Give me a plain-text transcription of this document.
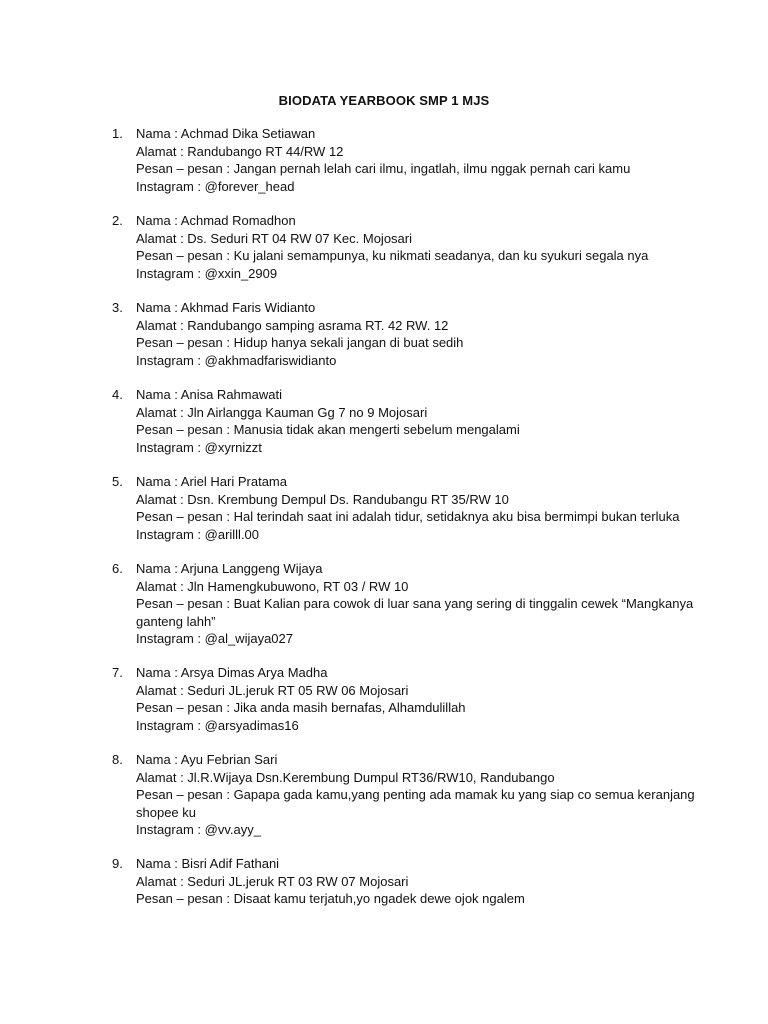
BIODATA YEARBOOK SMP 1 MJS
1. Nama : Achmad Dika Setiawan
Alamat : Randubango RT 44/RW 12
Pesan – pesan : Jangan pernah lelah cari ilmu, ingatlah, ilmu nggak pernah cari kamu
Instagram : @forever_head
2. Nama : Achmad Romadhon
Alamat : Ds. Seduri RT 04 RW 07 Kec. Mojosari
Pesan – pesan : Ku jalani semampunya, ku nikmati seadanya, dan ku syukuri segala nya
Instagram : @xxin_2909
3. Nama : Akhmad Faris Widianto
Alamat : Randubango samping asrama RT. 42 RW. 12
Pesan – pesan : Hidup hanya sekali jangan di buat sedih
Instagram : @akhmadfariswidianto
4. Nama : Anisa Rahmawati
Alamat : Jln Airlangga Kauman Gg 7 no 9 Mojosari
Pesan – pesan : Manusia tidak akan mengerti sebelum mengalami
Instagram : @xyrnizzt
5. Nama : Ariel Hari Pratama
Alamat : Dsn. Krembung Dempul Ds. Randubangu RT 35/RW 10
Pesan – pesan : Hal terindah saat ini adalah tidur, setidaknya aku bisa bermimpi bukan terluka
Instagram : @arilll.00
6. Nama : Arjuna Langgeng Wijaya
Alamat : Jln Hamengkubuwono, RT 03 / RW 10
Pesan – pesan : Buat Kalian para cowok di luar sana yang sering di tinggalin cewek “Mangkanya
ganteng lahh”
Instagram : @al_wijaya027
7. Nama : Arsya Dimas Arya Madha
Alamat : Seduri JL.jeruk RT 05 RW 06 Mojosari
Pesan – pesan : Jika anda masih bernafas, Alhamdulillah
Instagram : @arsyadimas16
8. Nama : Ayu Febrian Sari
Alamat : Jl.R.Wijaya Dsn.Kerembung Dumpul RT36/RW10, Randubango
Pesan – pesan : Gapapa gada kamu,yang penting ada mamak ku yang siap co semua keranjang
shopee ku
Instagram : @vv.ayy_
9. Nama : Bisri Adif Fathani
Alamat : Seduri JL.jeruk RT 03 RW 07 Mojosari
Pesan – pesan : Disaat kamu terjatuh,yo ngadek dewe ojok ngalem
